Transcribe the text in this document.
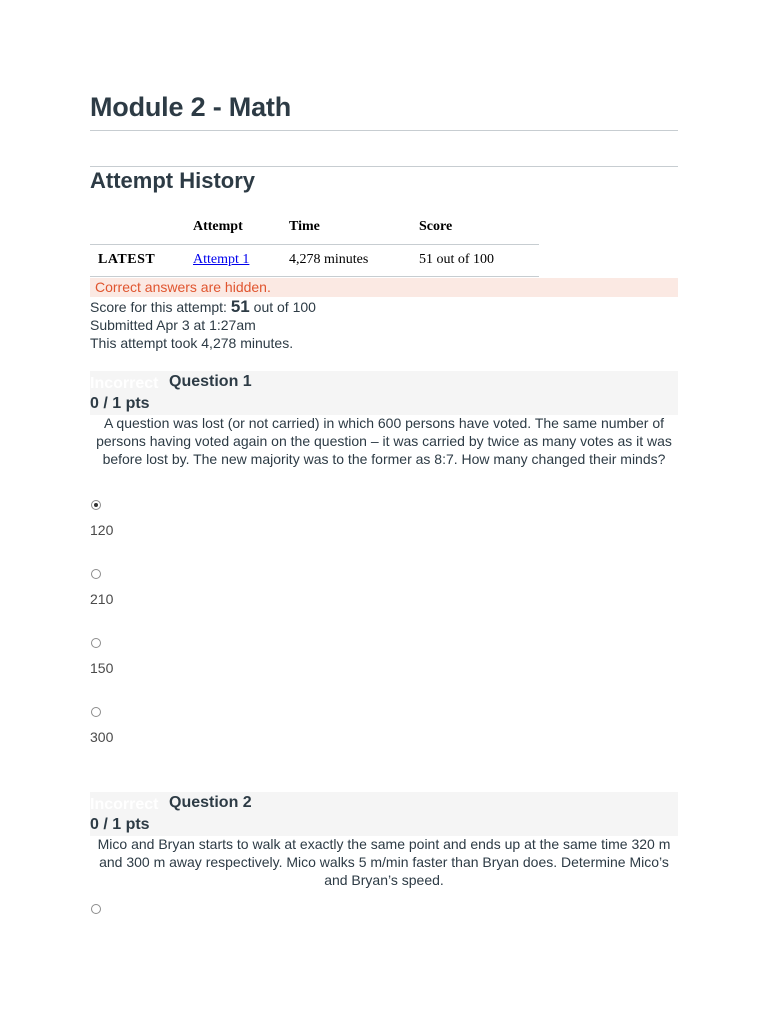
Module 2 - Math
Attempt History
	Attempt	Time	Score
LATEST	Attempt 1	4,278 minutes	51 out of 100
Correct answers are hidden.
Score for this attempt: 51 out of 100
Submitted Apr 3 at 1:27am
This attempt took 4,278 minutes.
Incorrect Question 1
0 / 1 pts
A question was lost (or not carried) in which 600 persons have voted. The same number of persons having voted again on the question – it was carried by twice as many votes as it was before lost by. The new majority was to the former as 8:7. How many changed their minds?
120
210
150
300
Incorrect Question 2
0 / 1 pts
Mico and Bryan starts to walk at exactly the same point and ends up at the same time 320 m and 300 m away respectively. Mico walks 5 m/min faster than Bryan does. Determine Mico’s and Bryan’s speed.
